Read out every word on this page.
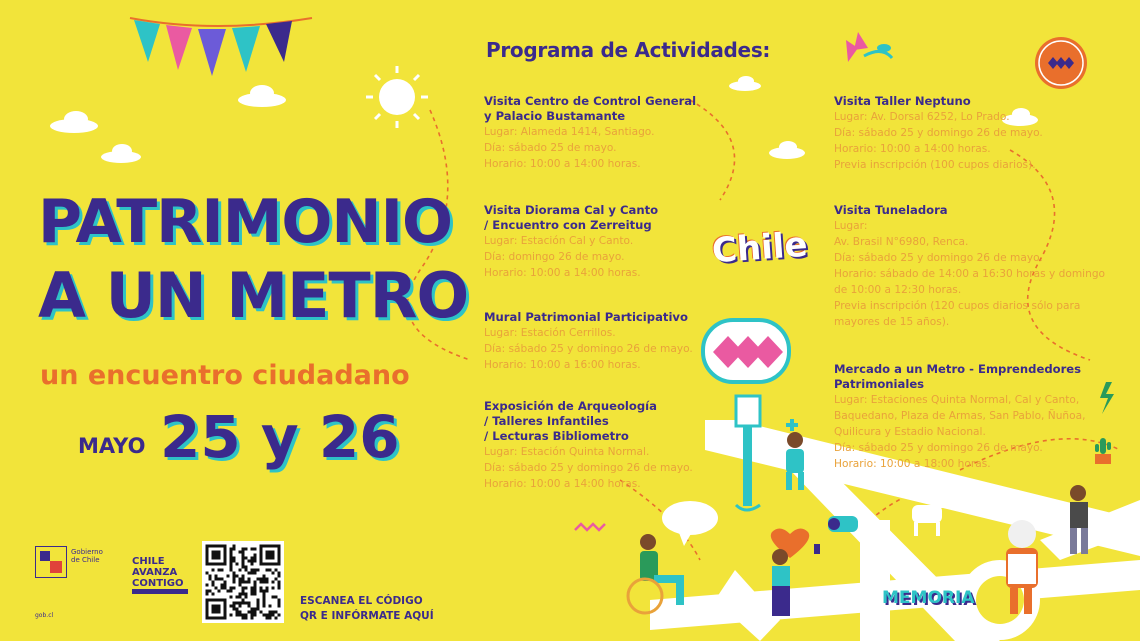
PATRIMONIO
A UN METRO
un encuentro ciudadano
MAYO 25 y 26
Programa de Actividades:
Visita Centro de Control General
y Palacio Bustamante
Lugar: Alameda 1414, Santiago.
Día: sábado 25 de mayo.
Horario: 10:00 a 14:00 horas.
Visita Diorama Cal y Canto
/ Encuentro con Zerreitug
Lugar: Estación Cal y Canto.
Día: domingo 26 de mayo.
Horario: 10:00 a 14:00 horas.
Mural Patrimonial Participativo
Lugar: Estación Cerrillos.
Día: sábado 25 y domingo 26 de mayo.
Horario: 10:00 a 16:00 horas.
Exposición de Arqueología
/ Talleres Infantiles
/ Lecturas Bibliometro
Lugar: Estación Quinta Normal.
Día: sábado 25 y domingo 26 de mayo.
Horario: 10:00 a 14:00 horas.
Visita Taller Neptuno
Lugar: Av. Dorsal 6252, Lo Prado.
Día: sábado 25 y domingo 26 de mayo.
Horario: 10:00 a 14:00 horas.
Previa inscripción (100 cupos diarios).
Visita Tuneladora
Lugar:
Av. Brasil N°6980, Renca.
Día: sábado 25 y domingo 26 de mayo.
Horario: sábado de 14:00 a 16:30 horas y domingo
de 10:00 a 12:30 horas.
Previa inscripción (120 cupos diarios sólo para
mayores de 15 años).
Mercado a un Metro - Emprendedores
Patrimoniales
Lugar: Estaciones Quinta Normal, Cal y Canto,
Baquedano, Plaza de Armas, San Pablo, Ñuñoa,
Quilicura y Estadio Nacional.
Día: sábado 25 y domingo 26 de mayo.
Horario: 10:00 a 18:00 horas.
Chile
MEMORIA
Gobierno de Chile
gob.cl
CHILE
AVANZA
CONTIGO
ESCANEA EL CÓDIGO
QR E INFÓRMATE AQUÍ
